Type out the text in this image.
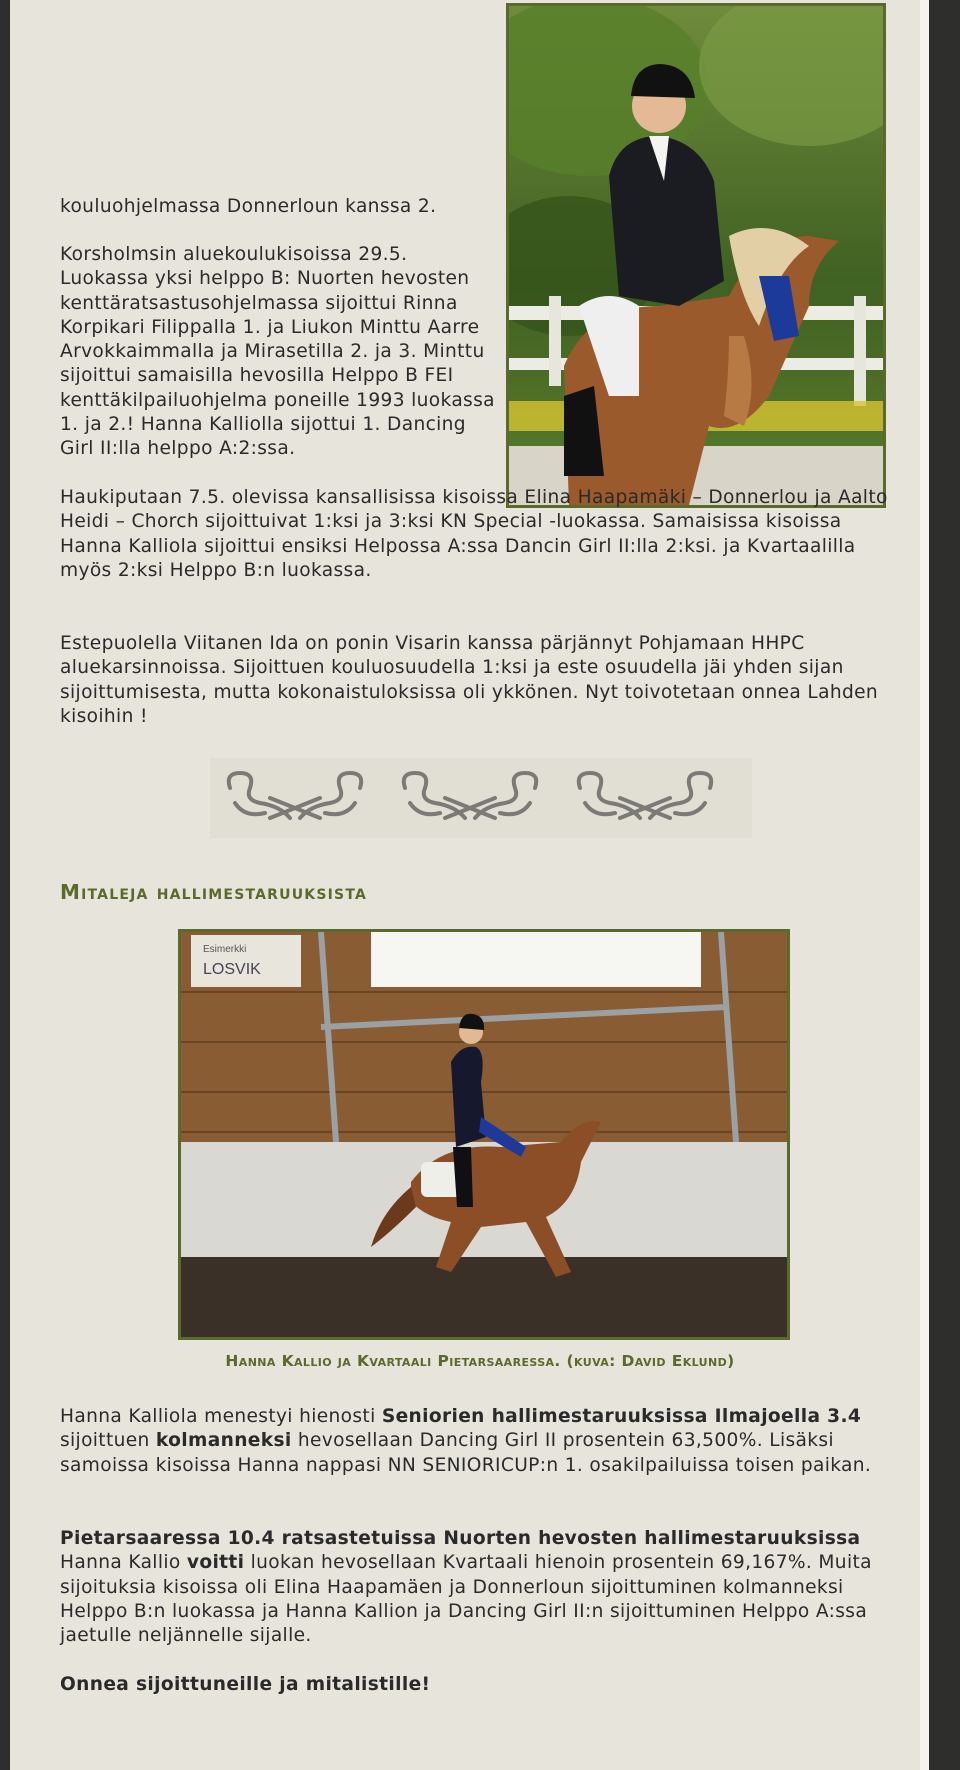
kouluohjelmassa Donnerloun kanssa 2.

Korsholmsin aluekoulukisoissa 29.5. Luokassa yksi helppo B: Nuorten hevosten kenttäratsastusohjelmassa sijoittui Rinna Korpikari Filippalla 1. ja Liukon Minttu Aarre Arvokkaimmalla ja Mirasetilla 2. ja 3. Minttu sijoittui samaisilla hevosilla Helppo B FEI kenttäkilpailuohjelma poneille 1993 luokassa 1. ja 2.! Hanna Kalliolla sijottui 1. Dancing Girl II:lla helppo A:2:ssa.

Haukiputaan 7.5. olevissa kansallisissa kisoissa Elina Haapamäki – Donnerlou ja Aalto Heidi – Chorch sijoittuivat 1:ksi ja 3:ksi KN Special -luokassa. Samaisissa kisoissa Hanna Kalliola sijoittui ensiksi Helpossa A:ssa Dancin Girl II:lla 2:ksi. ja Kvartaalilla myös 2:ksi Helppo B:n luokassa.

Estepuolella Viitanen Ida on ponin Visarin kanssa pärjännyt Pohjamaan HHPC aluekarsinnoissa. Sijoittuen kouluosuudella 1:ksi ja este osuudella jäi yhden sijan sijoittumisesta, mutta kokonaistuloksissa oli ykkönen. Nyt toivotetaan onnea Lahden kisoihin !

Mitaleja hallimestaruuksista
Esimerkki
LOSVIK

Hanna Kallio ja Kvartaali Pietarsaaressa. (kuva: David Eklund)

Hanna Kalliola menestyi hienosti Seniorien hallimestaruuksissa Ilmajoella 3.4 sijoittuen kolmanneksi hevosellaan Dancing Girl II prosentein 63,500%. Lisäksi samoissa kisoissa Hanna nappasi NN SENIORICUP:n 1. osakilpailuissa toisen paikan.

Pietarsaaressa 10.4 ratsastetuissa Nuorten hevosten hallimestaruuksissa Hanna Kallio voitti luokan hevosellaan Kvartaali hienoin prosentein 69,167%. Muita sijoituksia kisoissa oli Elina Haapamäen ja Donnerloun sijoittuminen kolmanneksi Helppo B:n luokassa ja Hanna Kallion ja Dancing Girl II:n sijoittuminen Helppo A:ssa jaetulle neljännelle sijalle.

Onnea sijoittuneille ja mitalistille!
